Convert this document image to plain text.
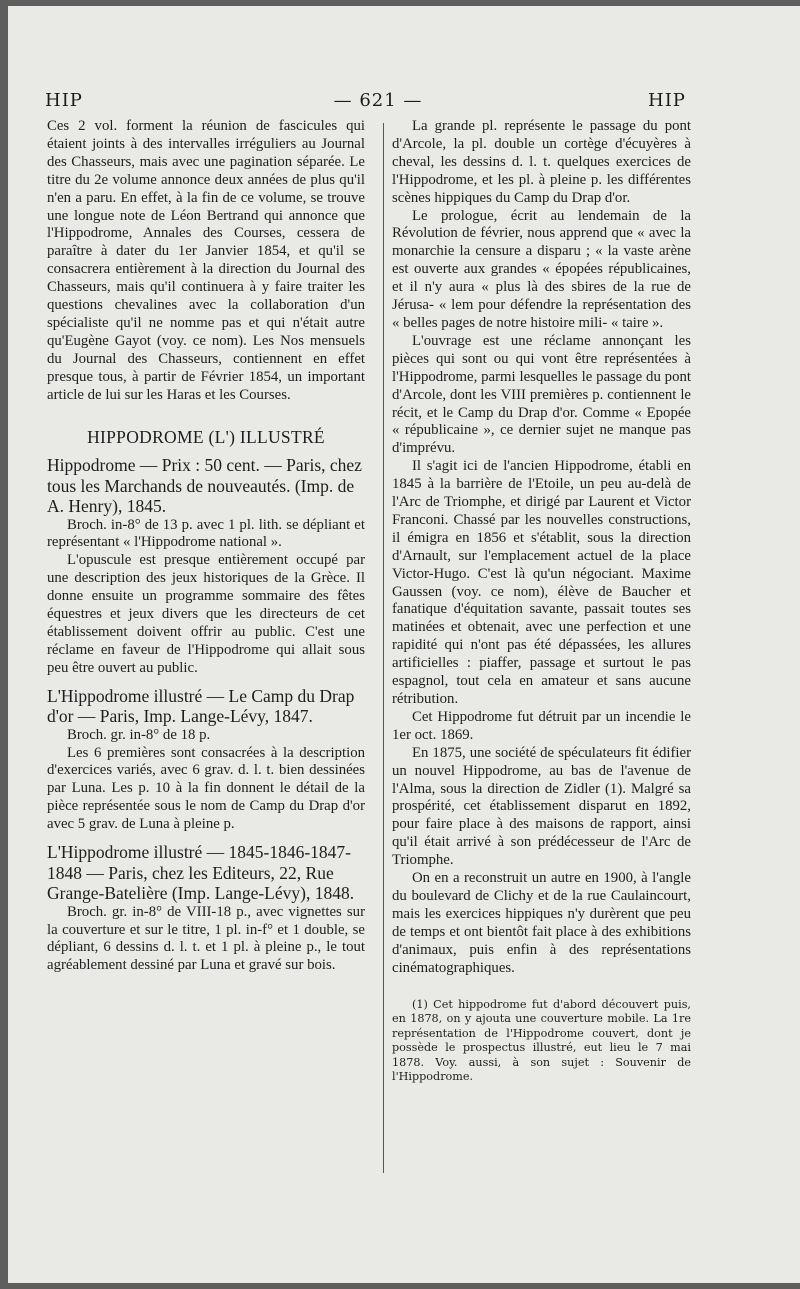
HIP	— 621 —	HIP

Ces 2 vol. forment la réunion de fascicules qui étaient joints à des intervalles irréguliers au Journal des Chasseurs, mais avec une pagination séparée. Le titre du 2e volume annonce deux années de plus qu'il n'en a paru. En effet, à la fin de ce volume, se trouve une longue note de Léon Bertrand qui annonce que l'Hippodrome, Annales des Courses, cessera de paraître à dater du 1er Janvier 1854, et qu'il se consacrera entièrement à la direction du Journal des Chasseurs, mais qu'il continuera à y faire traiter les questions chevalines avec la collaboration d'un spécialiste qu'il ne nomme pas et qui n'était autre qu'Eugène Gayot (voy. ce nom). Les Nos mensuels du Journal des Chasseurs, contiennent en effet presque tous, à partir de Février 1854, un important article de lui sur les Haras et les Courses.

HIPPODROME (L') ILLUSTRÉ

Hippodrome — Prix : 50 cent. — Paris, chez tous les Marchands de nouveautés. (Imp. de A. Henry), 1845.

Broch. in-8° de 13 p. avec 1 pl. lith. se dépliant et représentant « l'Hippodrome national ».

L'opuscule est presque entièrement occupé par une description des jeux historiques de la Grèce. Il donne ensuite un programme sommaire des fêtes équestres et jeux divers que les directeurs de cet établissement doivent offrir au public. C'est une réclame en faveur de l'Hippodrome qui allait sous peu être ouvert au public.

L'Hippodrome illustré — Le Camp du Drap d'or — Paris, Imp. Lange-Lévy, 1847.

Broch. gr. in-8° de 18 p.

Les 6 premières sont consacrées à la description d'exercices variés, avec 6 grav. d. l. t. bien dessinées par Luna. Les p. 10 à la fin donnent le détail de la pièce représentée sous le nom de Camp du Drap d'or avec 5 grav. de Luna à pleine p.

L'Hippodrome illustré — 1845-1846-1847-1848 — Paris, chez les Editeurs, 22, Rue Grange-Batelière (Imp. Lange-Lévy), 1848.

Broch. gr. in-8° de VIII-18 p., avec vignettes sur la couverture et sur le titre, 1 pl. in-f° et 1 double, se dépliant, 6 dessins d. l. t. et 1 pl. à pleine p., le tout agréablement dessiné par Luna et gravé sur bois.

La grande pl. représente le passage du pont d'Arcole, la pl. double un cortège d'écuyères à cheval, les dessins d. l. t. quelques exercices de l'Hippodrome, et les pl. à pleine p. les différentes scènes hippiques du Camp du Drap d'or.

Le prologue, écrit au lendemain de la Révolution de février, nous apprend que « avec la monarchie la censure a disparu ; « la vaste arène est ouverte aux grandes « épopées républicaines, et il n'y aura « plus là des sbires de la rue de Jérusa- « lem pour défendre la représentation des « belles pages de notre histoire mili- « taire ».

L'ouvrage est une réclame annonçant les pièces qui sont ou qui vont être représentées à l'Hippodrome, parmi lesquelles le passage du pont d'Arcole, dont les VIII premières p. contiennent le récit, et le Camp du Drap d'or. Comme « Epopée « républicaine », ce dernier sujet ne manque pas d'imprévu.

Il s'agit ici de l'ancien Hippodrome, établi en 1845 à la barrière de l'Etoile, un peu au-delà de l'Arc de Triomphe, et dirigé par Laurent et Victor Franconi. Chassé par les nouvelles constructions, il émigra en 1856 et s'établit, sous la direction d'Arnault, sur l'emplacement actuel de la place Victor-Hugo. C'est là qu'un négociant. Maxime Gaussen (voy. ce nom), élève de Baucher et fanatique d'équitation savante, passait toutes ses matinées et obtenait, avec une perfection et une rapidité qui n'ont pas été dépassées, les allures artificielles : piaffer, passage et surtout le pas espagnol, tout cela en amateur et sans aucune rétribution.

Cet Hippodrome fut détruit par un incendie le 1er oct. 1869.

En 1875, une société de spéculateurs fit édifier un nouvel Hippodrome, au bas de l'avenue de l'Alma, sous la direction de Zidler (1). Malgré sa prospérité, cet établissement disparut en 1892, pour faire place à des maisons de rapport, ainsi qu'il était arrivé à son prédécesseur de l'Arc de Triomphe.

On en a reconstruit un autre en 1900, à l'angle du boulevard de Clichy et de la rue Caulaincourt, mais les exercices hippiques n'y durèrent que peu de temps et ont bientôt fait place à des exhibitions d'animaux, puis enfin à des représentations cinématographiques.

(1) Cet hippodrome fut d'abord découvert puis, en 1878, on y ajouta une couverture mobile. La 1re représentation de l'Hippodrome couvert, dont je possède le prospectus illustré, eut lieu le 7 mai 1878. Voy. aussi, à son sujet : Souvenir de l'Hippodrome.
